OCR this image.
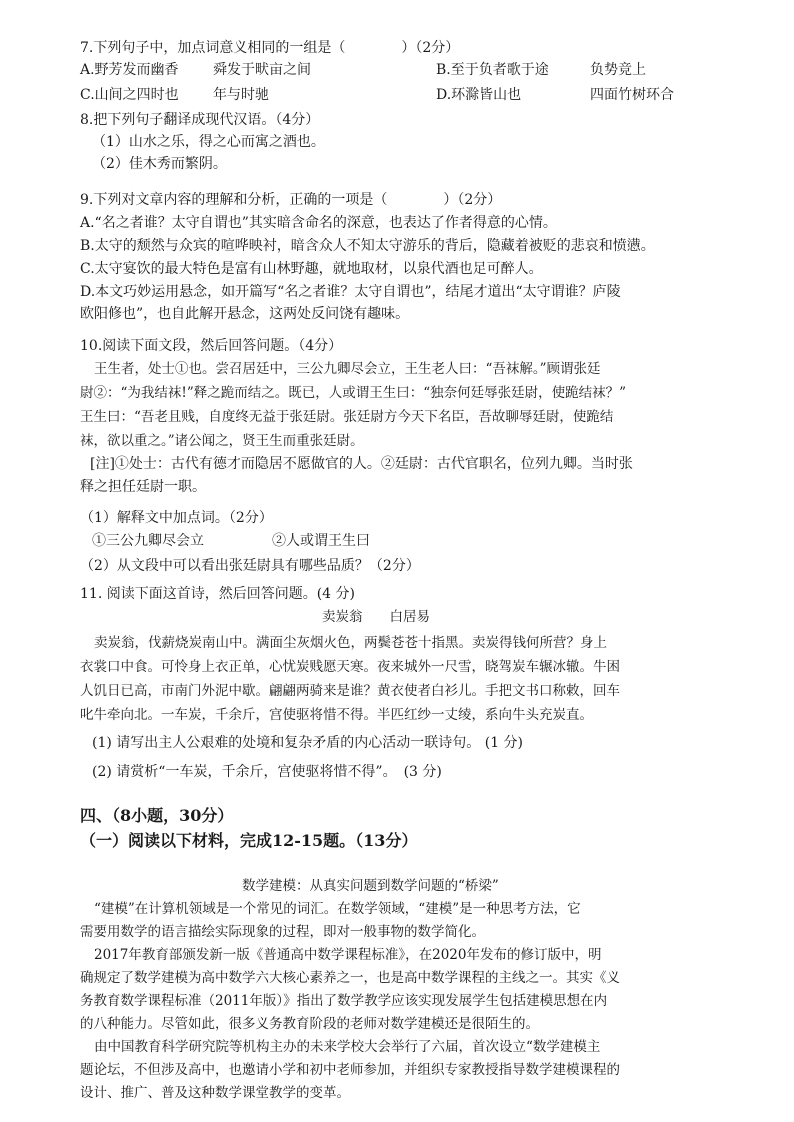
7.下列句子中，加点词意义相同的一组是（　　　　）（2分）
A.野芳发而幽香 舜发于畎亩之间	B.至于负者歌于途	负势竞上
C.山间之四时也 年与时驰	D.环滁皆山也	四面竹树环合
8.把下列句子翻译成现代汉语。（4分）
（1）山水之乐，得之心而寓之酒也。
（2）佳木秀而繁阴。
9.下列对文章内容的理解和分析，正确的一项是（　　　　）（2分）
A.“名之者谁？太守自谓也”其实暗含命名的深意，也表达了作者得意的心情。
B.太守的颓然与众宾的喧哗映衬，暗含众人不知太守游乐的背后，隐藏着被贬的悲哀和愤懑。
C.太守宴饮的最大特色是富有山林野趣，就地取材，以泉代酒也足可醉人。
D.本文巧妙运用悬念，如开篇写“名之者谁？太守自谓也”，结尾才道出“太守谓谁？庐陵
欧阳修也”，也自此解开悬念，这两处反问饶有趣味。
10.阅读下面文段，然后回答问题。（4分）
王生者，处士①也。尝召居廷中，三公九卿尽会立，王生老人曰：“吾袜解。”顾谓张廷
尉②：“为我结袜!”释之跪而结之。既已，人或谓王生曰：“独奈何廷辱张廷尉，使跪结袜？”
王生曰：“吾老且贱，自度终无益于张廷尉。张廷尉方今天下名臣，吾故聊辱廷尉，使跪结
袜，欲以重之。”诸公闻之，贤王生而重张廷尉。
[注]①处士：古代有德才而隐居不愿做官的人。②廷尉：古代官职名，位列九卿。当时张
释之担任廷尉一职。
（1）解释文中加点词。（2分）
①三公九卿尽会立	②人或谓王生曰
（2）从文段中可以看出张廷尉具有哪些品质？（2分）
11. 阅读下面这首诗，然后回答问题。(4 分)
卖炭翁　　白居易
卖炭翁，伐薪烧炭南山中。满面尘灰烟火色，两鬓苍苍十指黑。卖炭得钱何所营？身上
衣裳口中食。可怜身上衣正单，心忧炭贱愿天寒。夜来城外一尺雪，晓驾炭车辗冰辙。牛困
人饥日已高，市南门外泥中歇。翩翩两骑来是谁？黄衣使者白衫儿。手把文书口称敕，回车
叱牛牵向北。一车炭，千余斤，宫使驱将惜不得。半匹红纱一丈绫，系向牛头充炭直。
(1) 请写出主人公艰难的处境和复杂矛盾的内心活动一联诗句。 (1 分)
(2) 请赏析“一车炭，千余斤，宫使驱将惜不得”。　(3 分)
四、（8小题，30分）
（一）阅读以下材料，完成12-15题。（13分）
数学建模：从真实问题到数学问题的“桥梁”
“建模”在计算机领域是一个常见的词汇。在数学领域，“建模”是一种思考方法，它
需要用数学的语言描绘实际现象的过程，即对一般事物的数学简化。
2017年教育部颁发新一版《普通高中数学课程标准》，在2020年发布的修订版中，明
确规定了数学建模为高中数学六大核心素养之一，也是高中数学课程的主线之一。其实《义
务教育数学课程标准（2011年版）》指出了数学教学应该实现发展学生包括建模思想在内
的八种能力。尽管如此，很多义务教育阶段的老师对数学建模还是很陌生的。
由中国教育科学研究院等机构主办的未来学校大会举行了六届，首次设立“数学建模主
题论坛，不但涉及高中，也邀请小学和初中老师参加，并组织专家教授指导数学建模课程的
设计、推广、普及这种数学课堂教学的变革。
